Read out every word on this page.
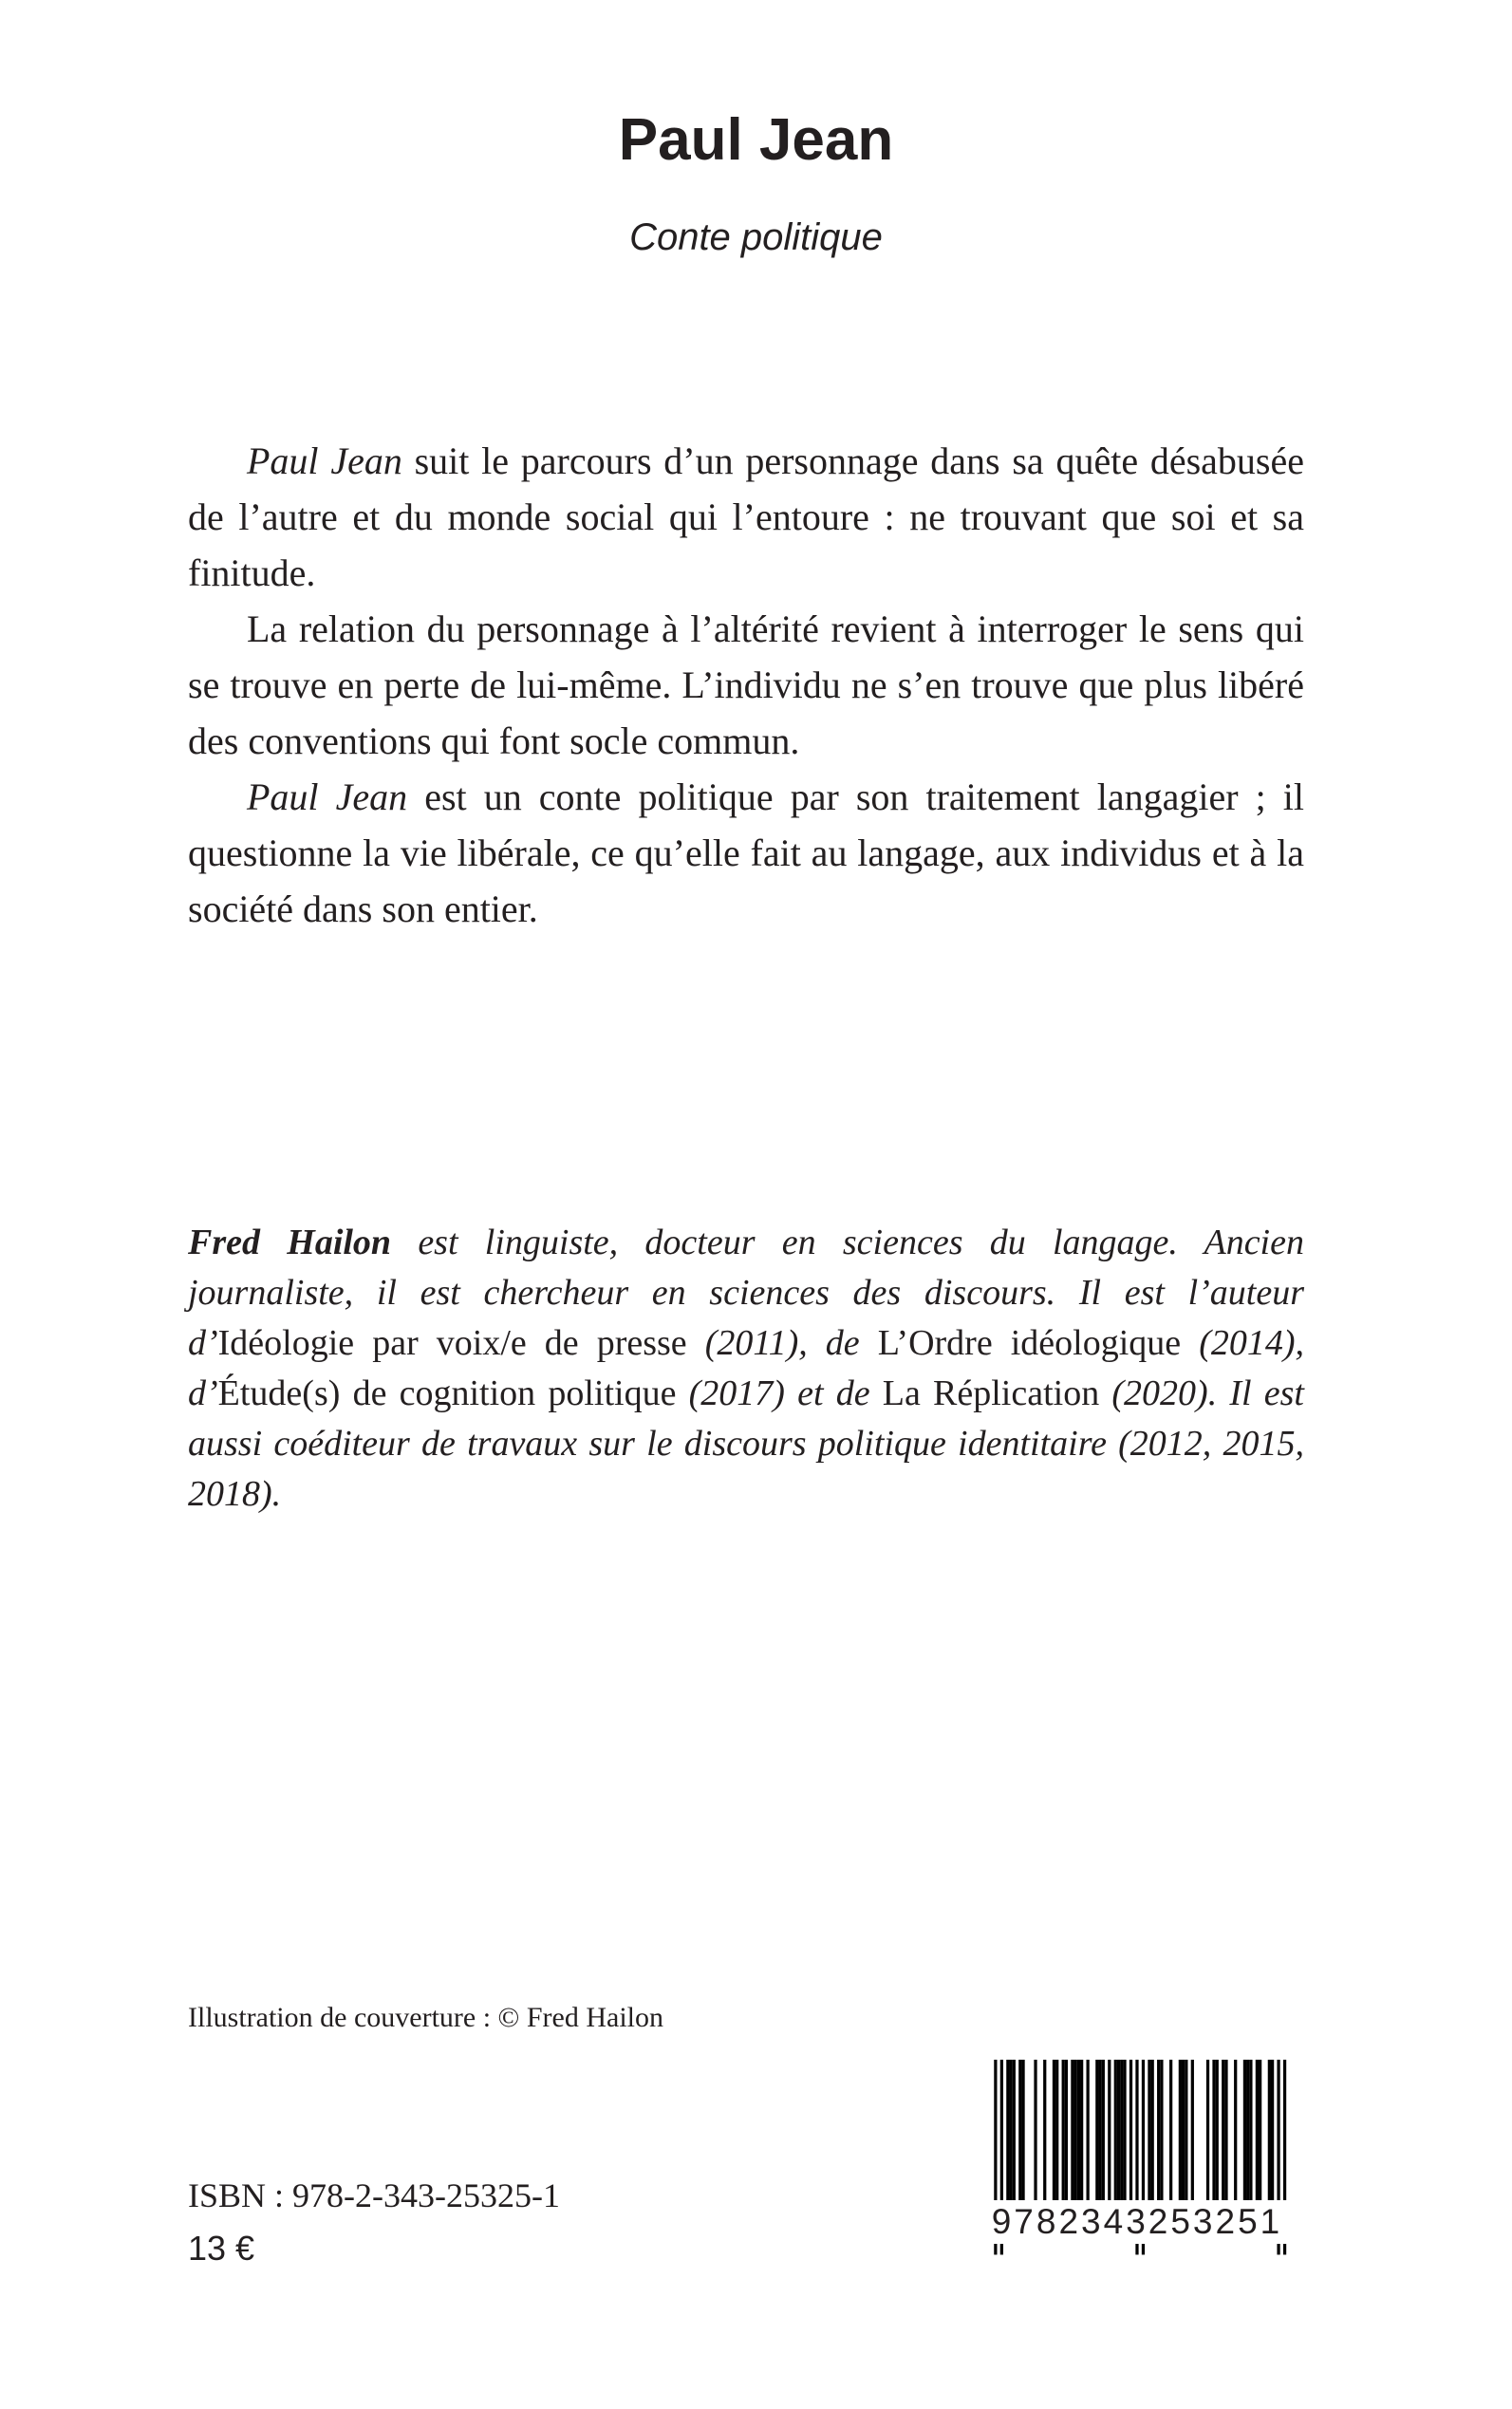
Paul Jean
Conte politique

Paul Jean suit le parcours d’un personnage dans sa quête désabusée de l’autre et du monde social qui l’entoure : ne trouvant que soi et sa finitude.

La relation du personnage à l’altérité revient à interroger le sens qui se trouve en perte de lui-même. L’individu ne s’en trouve que plus libéré des conventions qui font socle commun.

Paul Jean est un conte politique par son traitement langagier ; il questionne la vie libérale, ce qu’elle fait au langage, aux individus et à la société dans son entier.

Fred Hailon est linguiste, docteur en sciences du langage. Ancien journaliste, il est chercheur en sciences des discours. Il est l’auteur d’Idéologie par voix/e de presse (2011), de L’Ordre idéologique (2014), d’Étude(s) de cognition politique (2017) et de La Réplication (2020). Il est aussi coéditeur de travaux sur le discours politique identitaire (2012, 2015, 2018).

Illustration de couverture : © Fred Hailon
ISBN : 978-2-343-25325-1
13 €
9782343253251
